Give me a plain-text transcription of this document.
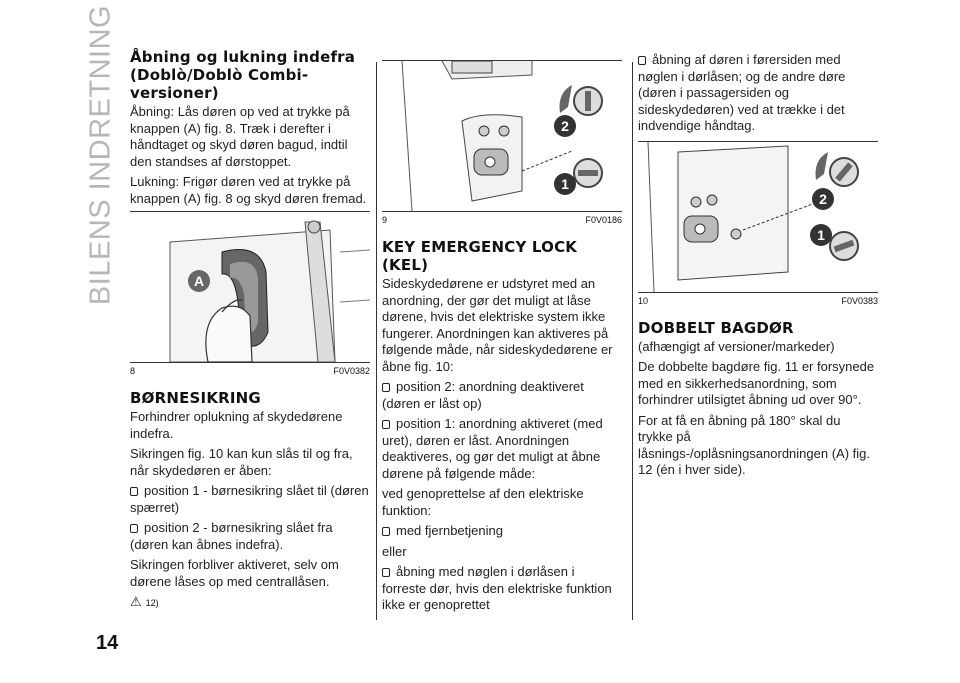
BILENS INDRETNING
14
Åbning og lukning indefra (Doblò/Doblò Combi-versioner)

Åbning: Lås døren op ved at trykke på knappen (A) fig. 8. Træk i derefter i håndtaget og skyd døren bagud, indtil den standses af dørstoppet.

Lukning: Frigør døren ved at trykke på knappen (A) fig. 8 og skyd døren fremad.

A
8	F0V0382
BØRNESIKRING

Forhindrer oplukning af skydedørene indefra.

Sikringen fig. 10 kan kun slås til og fra, når skydedøren er åben:

position 1 - børnesikring slået til (døren spærret)

position 2 - børnesikring slået fra (døren kan åbnes indefra).

Sikringen forbliver aktiveret, selv om dørene låses op med centrallåsen.

⚠ 12)
2
1
9	F0V0186
KEY EMERGENCY LOCK (KEL)

Sideskydedørene er udstyret med an anordning, der gør det muligt at låse dørene, hvis det elektriske system ikke fungerer. Anordningen kan aktiveres på følgende måde, når sideskydedørene er åbne fig. 10:

position 2: anordning deaktiveret (døren er låst op)

position 1: anordning aktiveret (med uret), døren er låst. Anordningen deaktiveres, og gør det muligt at åbne dørene på følgende måde:

ved genoprettelse af den elektriske funktion:

med fjernbetjening

eller

åbning med nøglen i dørlåsen i forreste dør, hvis den elektriske funktion ikke er genoprettet

åbning af døren i førersiden med nøglen i dørlåsen; og de andre døre (døren i passagersiden og sideskydedøren) ved at trække i det indvendige håndtag.

2
1
10	F0V0383
DOBBELT BAGDØR

(afhængigt af versioner/markeder)

De dobbelte bagdøre fig. 11 er forsynede med en sikkerhedsanordning, som forhindrer utilsigtet åbning ud over 90°.

For at få en åbning på 180° skal du trykke på låsnings-/oplåsningsanordningen (A) fig. 12 (én i hver side).
